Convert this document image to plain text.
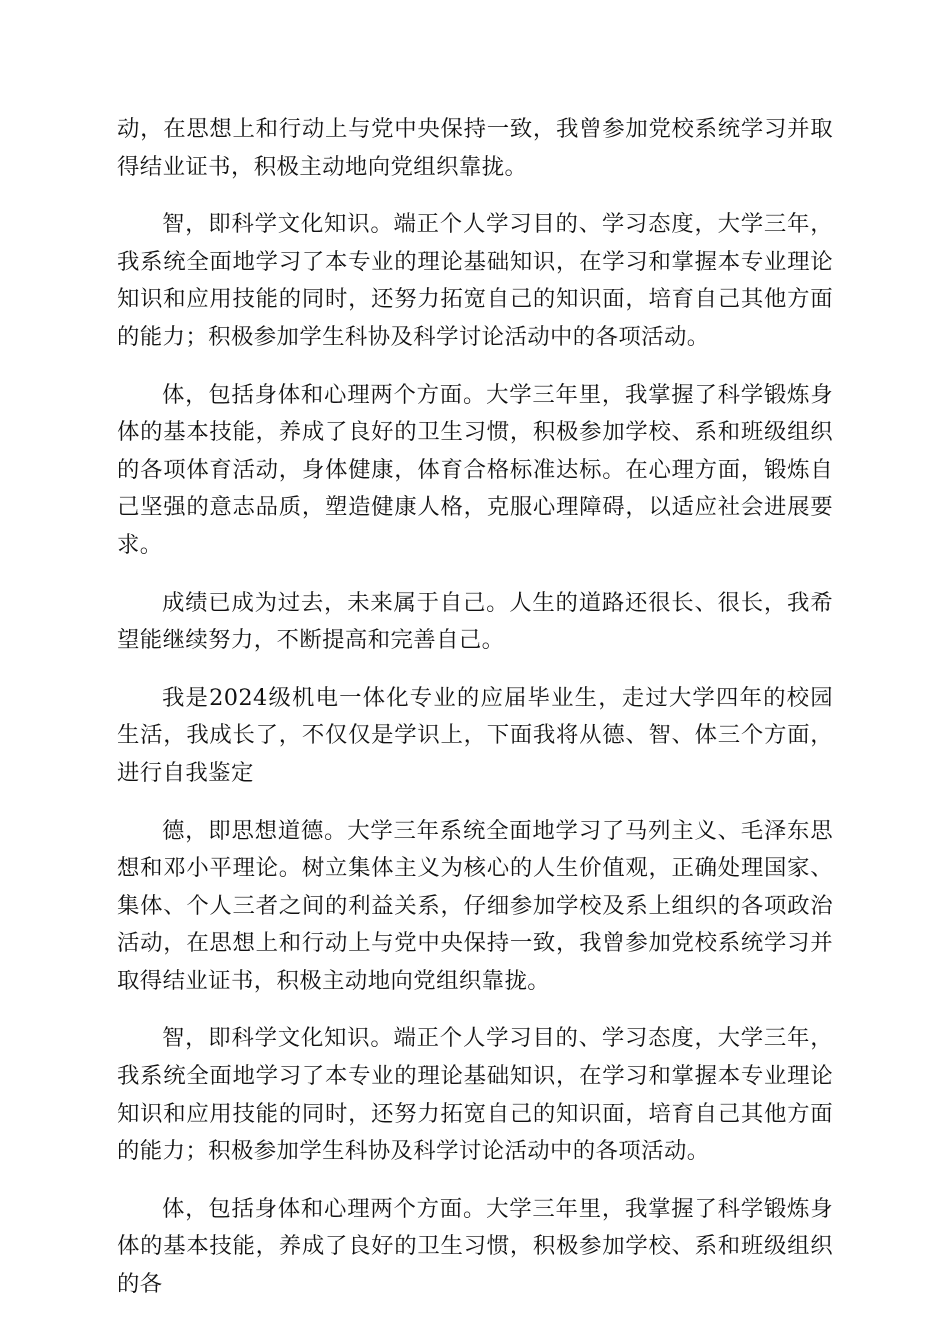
动，在思想上和行动上与党中央保持一致，我曾参加党校系统学习并取得结业证书，积极主动地向党组织靠拢。

智，即科学文化知识。端正个人学习目的、学习态度，大学三年，我系统全面地学习了本专业的理论基础知识，在学习和掌握本专业理论知识和应用技能的同时，还努力拓宽自己的知识面，培育自己其他方面的能力；积极参加学生科协及科学讨论活动中的各项活动。

体，包括身体和心理两个方面。大学三年里，我掌握了科学锻炼身体的基本技能，养成了良好的卫生习惯，积极参加学校、系和班级组织的各项体育活动，身体健康，体育合格标准达标。在心理方面，锻炼自己坚强的意志品质，塑造健康人格，克服心理障碍，以适应社会进展要求。

成绩已成为过去，未来属于自己。人生的道路还很长、很长，我希望能继续努力，不断提高和完善自己。

我是2024级机电一体化专业的应届毕业生，走过大学四年的校园生活，我成长了，不仅仅是学识上，下面我将从德、智、体三个方面，进行自我鉴定

德，即思想道德。大学三年系统全面地学习了马列主义、毛泽东思想和邓小平理论。树立集体主义为核心的人生价值观，正确处理国家、集体、个人三者之间的利益关系，仔细参加学校及系上组织的各项政治活动，在思想上和行动上与党中央保持一致，我曾参加党校系统学习并取得结业证书，积极主动地向党组织靠拢。

智，即科学文化知识。端正个人学习目的、学习态度，大学三年，我系统全面地学习了本专业的理论基础知识，在学习和掌握本专业理论知识和应用技能的同时，还努力拓宽自己的知识面，培育自己其他方面的能力；积极参加学生科协及科学讨论活动中的各项活动。

体，包括身体和心理两个方面。大学三年里，我掌握了科学锻炼身体的基本技能，养成了良好的卫生习惯，积极参加学校、系和班级组织的各
